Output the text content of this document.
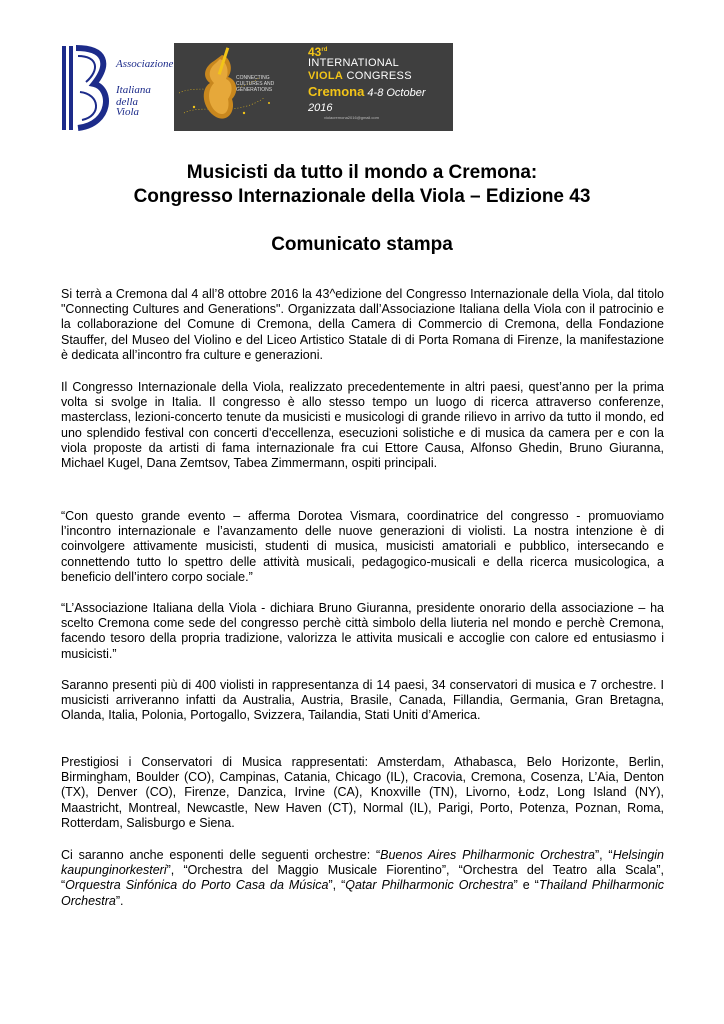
Associazione
Italiana della
Viola
CONNECTING CULTURES AND GENERATIONS
43rd
INTERNATIONAL
VIOLA CONGRESS
Cremona 4-8 October 2016
violacremona2016@gmail.com
Musicisti da tutto il mondo a Cremona:
Congresso Internazionale della Viola – Edizione 43
Comunicato stampa

Si terrà a Cremona dal 4 all’8 ottobre 2016 la 43^edizione del Congresso Internazionale della Viola, dal titolo "Connecting Cultures and Generations". Organizzata dall’Associazione Italiana della Viola con il patrocinio e la collaborazione del Comune di Cremona, della Camera di Commercio di Cremona, della Fondazione Stauffer, del Museo del Violino e del Liceo Artistico Statale di di Porta Romana di Firenze, la manifestazione è dedicata all’incontro fra culture e generazioni.

Il Congresso Internazionale della Viola, realizzato precedentemente in altri paesi, quest’anno per la prima volta si svolge in Italia. Il congresso è allo stesso tempo un luogo di ricerca attraverso conferenze, masterclass, lezioni-concerto tenute da musicisti e musicologi di grande rilievo in arrivo da tutto il mondo, ed uno splendido festival con concerti d'eccellenza, esecuzioni solistiche e di musica da camera per e con la viola proposte da artisti di fama internazionale fra cui Ettore Causa, Alfonso Ghedin, Bruno Giuranna, Michael Kugel, Dana Zemtsov, Tabea Zimmermann, ospiti principali.

“Con questo grande evento – afferma Dorotea Vismara, coordinatrice del congresso - promuoviamo l’incontro internazionale e l’avanzamento delle nuove generazioni di violisti. La nostra intenzione è di coinvolgere attivamente musicisti, studenti di musica, musicisti amatoriali e pubblico, intersecando e connettendo tutto lo spettro delle attività musicali, pedagogico-musicali e della ricerca musicologica, a beneficio dell’intero corpo sociale.”

“L’Associazione Italiana della Viola - dichiara Bruno Giuranna, presidente onorario della associazione – ha scelto Cremona come sede del congresso perchè città simbolo della liuteria nel mondo e perchè Cremona, facendo tesoro della propria tradizione, valorizza le attivita musicali e accoglie con calore ed entusiasmo i musicisti.”

Saranno presenti più di 400 violisti in rappresentanza di 14 paesi, 34 conservatori di musica e 7 orchestre. I musicisti arriveranno infatti da Australia, Austria, Brasile, Canada, Fillandia, Germania, Gran Bretagna, Olanda, Italia, Polonia, Portogallo, Svizzera, Tailandia, Stati Uniti d’America.

Prestigiosi i Conservatori di Musica rappresentati: Amsterdam, Athabasca, Belo Horizonte, Berlin, Birmingham, Boulder (CO), Campinas, Catania, Chicago (IL), Cracovia, Cremona, Cosenza, L’Aia, Denton (TX), Denver (CO), Firenze, Danzica, Irvine (CA), Knoxville (TN), Livorno, Łodz, Long Island (NY), Maastricht, Montreal, Newcastle, New Haven (CT), Normal (IL), Parigi, Porto, Potenza, Poznan, Roma, Rotterdam, Salisburgo e Siena.

Ci saranno anche esponenti delle seguenti orchestre: “Buenos Aires Philharmonic Orchestra”, “Helsingin kaupunginorkesteri”, “Orchestra del Maggio Musicale Fiorentino”, “Orchestra del Teatro alla Scala”, “Orquestra Sinfónica do Porto Casa da Música”, “Qatar Philharmonic Orchestra” e “Thailand Philharmonic Orchestra”.
